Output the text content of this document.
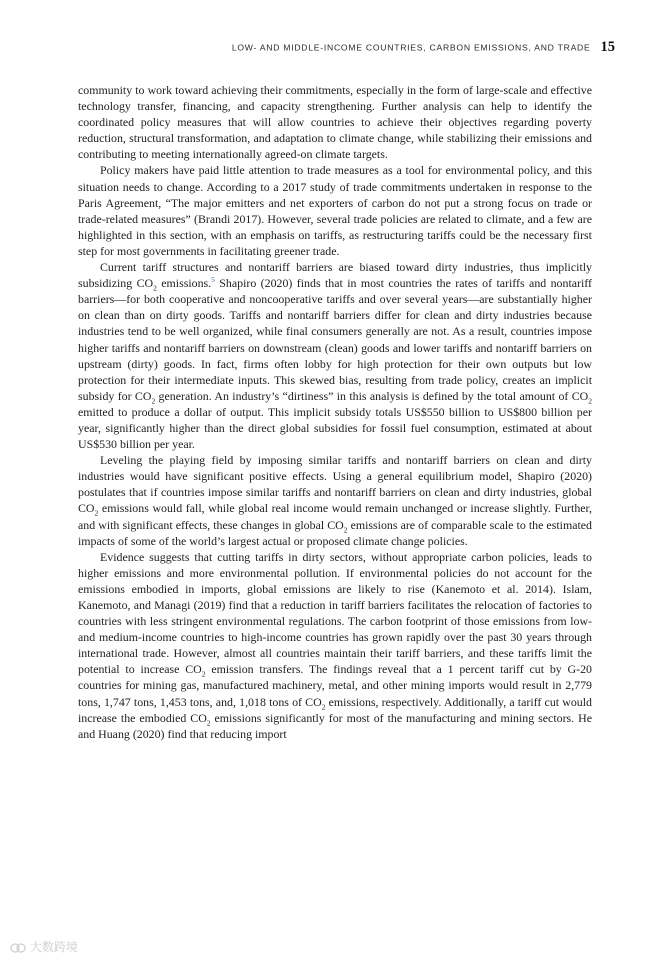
LOW- AND MIDDLE-INCOME COUNTRIES, CARBON EMISSIONS, AND TRADE 15

community to work toward achieving their commitments, especially in the form of large-scale and effective technology transfer, financing, and capacity strengthening. Further analysis can help to identify the coordinated policy measures that will allow countries to achieve their objectives regarding poverty reduction, structural transformation, and adaptation to climate change, while stabilizing their emissions and contributing to meeting internationally agreed-on climate targets.

Policy makers have paid little attention to trade measures as a tool for environmental policy, and this situation needs to change. According to a 2017 study of trade commitments undertaken in response to the Paris Agreement, “The major emitters and net exporters of carbon do not put a strong focus on trade or trade-related measures” (Brandi 2017). However, several trade policies are related to climate, and a few are highlighted in this section, with an emphasis on tariffs, as restructuring tariffs could be the necessary first step for most governments in facilitating greener trade.

Current tariff structures and nontariff barriers are biased toward dirty industries, thus implicitly subsidizing $CO_2$ emissions.$^5$ Shapiro (2020) finds that in most countries the rates of tariffs and nontariff barriers—for both cooperative and noncooperative tariffs and over several years—are substantially higher on clean than on dirty goods. Tariffs and nontariff barriers differ for clean and dirty industries because industries tend to be well organized, while final consumers generally are not. As a result, countries impose higher tariffs and nontariff barriers on downstream (clean) goods and lower tariffs and nontariff barriers on upstream (dirty) goods. In fact, firms often lobby for high protection for their own outputs but low protection for their intermediate inputs. This skewed bias, resulting from trade policy, creates an implicit subsidy for $CO_2$ generation. An industry’s “dirtiness” in this analysis is defined by the total amount of $CO_2$ emitted to produce a dollar of output. This implicit subsidy totals US$550 billion to US$800 billion per year, significantly higher than the direct global subsidies for fossil fuel consumption, estimated at about US$530 billion per year.

Leveling the playing field by imposing similar tariffs and nontariff barriers on clean and dirty industries would have significant positive effects. Using a general equilibrium model, Shapiro (2020) postulates that if countries impose similar tariffs and nontariff barriers on clean and dirty industries, global $CO_2$ emissions would fall, while global real income would remain unchanged or increase slightly. Further, and with significant effects, these changes in global $CO_2$ emissions are of comparable scale to the estimated impacts of some of the world’s largest actual or proposed climate change policies.

Evidence suggests that cutting tariffs in dirty sectors, without appropriate carbon policies, leads to higher emissions and more environmental pollution. If environmental policies do not account for the emissions embodied in imports, global emissions are likely to rise (Kanemoto et al. 2014). Islam, Kanemoto, and Managi (2019) find that a reduction in tariff barriers facilitates the relocation of factories to countries with less stringent environmental regulations. The carbon footprint of those emissions from low- and medium-income countries to high-income countries has grown rapidly over the past 30 years through international trade. However, almost all countries maintain their tariff barriers, and these tariffs limit the potential to increase $CO_2$ emission transfers. The findings reveal that a 1 percent tariff cut by G-20 countries for mining gas, manufactured machinery, metal, and other mining imports would result in 2,779 tons, 1,747 tons, 1,453 tons, and, 1,018 tons of $CO_2$ emissions, respectively. Additionally, a tariff cut would increase the embodied $CO_2$ emissions significantly for most of the manufacturing and mining sectors. He and Huang (2020) find that reducing import

大数跨境
